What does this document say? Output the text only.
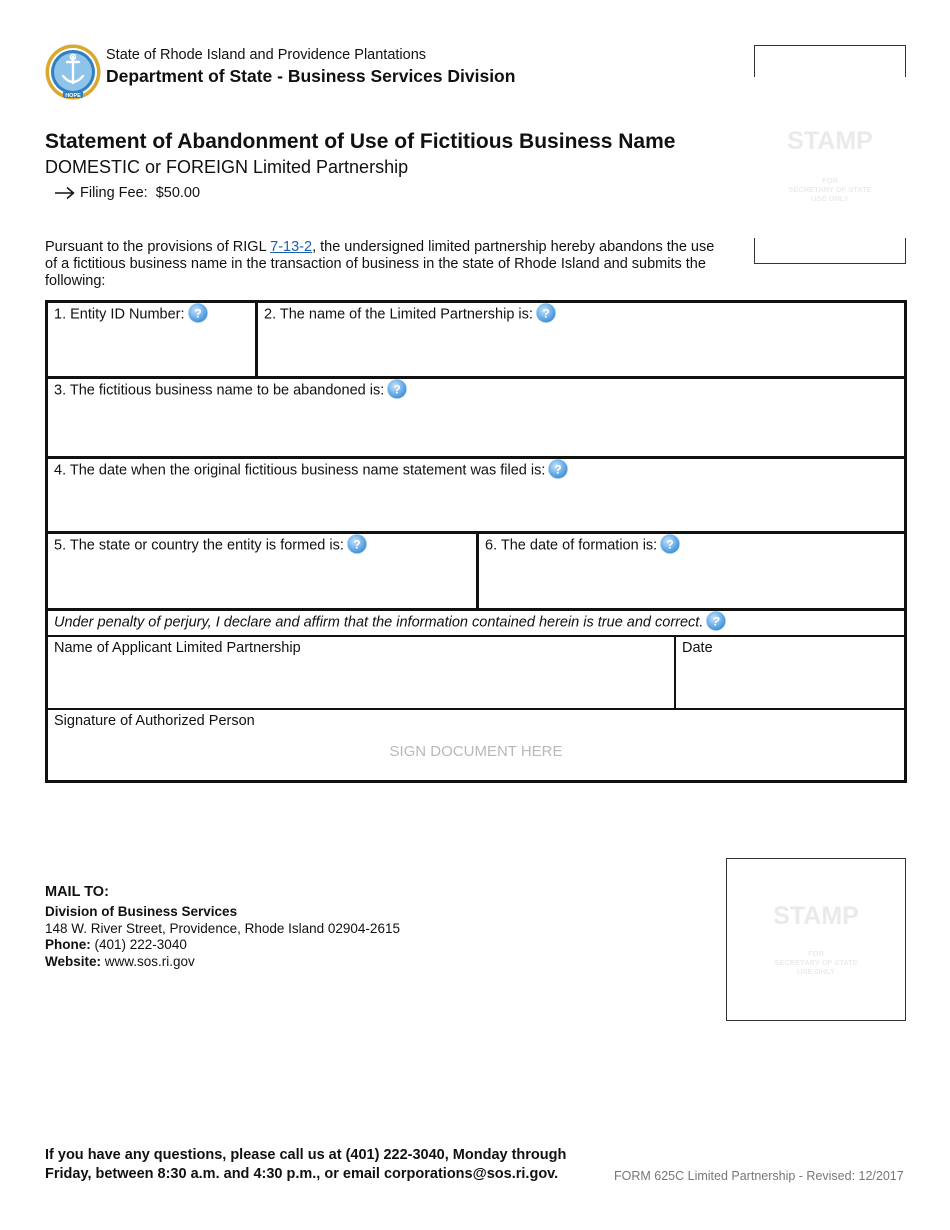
HOPE
State of Rhode Island and Providence Plantations
Department of State - Business Services Division
STAMP
FOR
SECRETARY OF STATE
USE ONLY
Statement of Abandonment of Use of Fictitious Business Name
DOMESTIC or FOREIGN Limited Partnership
Filing Fee: $50.00
Pursuant to the provisions of RIGL 7-13-2, the undersigned limited partnership hereby abandons the use of a fictitious business name in the transaction of business in the state of Rhode Island and submits the following:
1. Entity ID Number:	2. The name of the Limited Partnership is:
3. The fictitious business name to be abandoned is:
4. The date when the original fictitious business name statement was filed is:
5. The state or country the entity is formed is:	6. The date of formation is:
Under penalty of perjury, I declare and affirm that the information contained herein is true and correct.
Name of Applicant Limited Partnership	Date
Signature of Authorized Person
SIGN DOCUMENT HERE
MAIL TO:
Division of Business Services
148 W. River Street, Providence, Rhode Island 02904-2615
Phone: (401) 222-3040
Website: www.sos.ri.gov
STAMP
FOR
SECRETARY OF STATE
USE ONLY
If you have any questions, please call us at (401) 222-3040, Monday through
Friday, between 8:30 a.m. and 4:30 p.m., or email corporations@sos.ri.gov.	FORM 625C Limited Partnership - Revised: 12/2017
